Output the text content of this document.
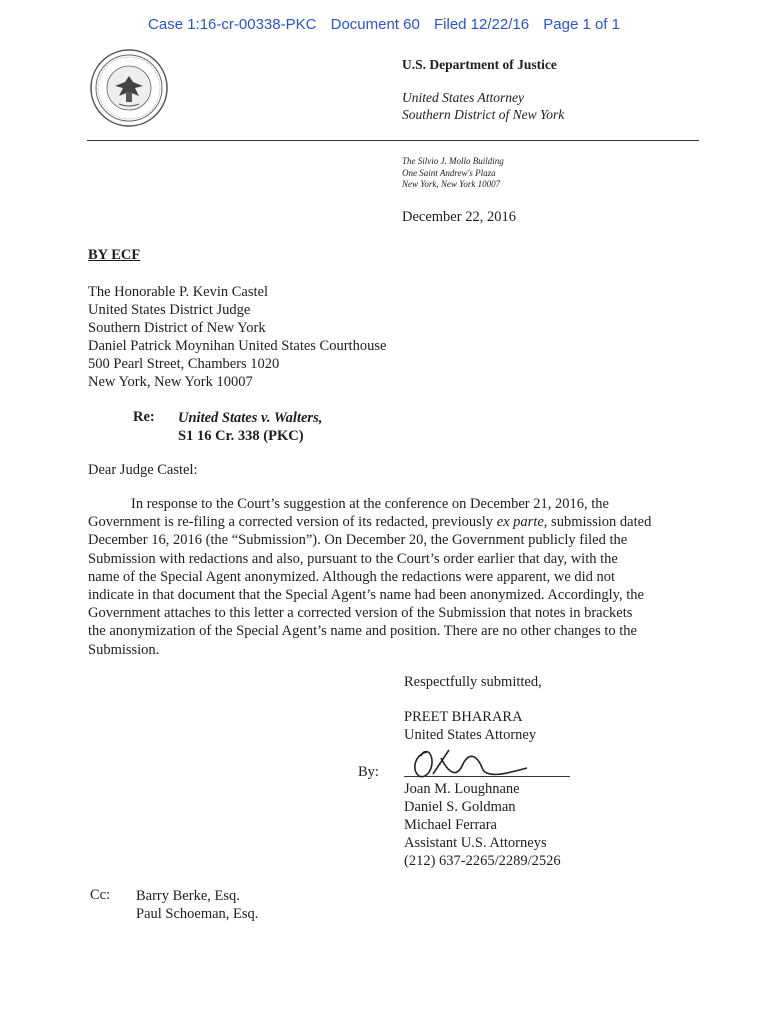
Case 1:16-cr-00338-PKC Document 60 Filed 12/22/16 Page 1 of 1
U.S. Department of Justice
United States Attorney
Southern District of New York
The Silvio J. Mollo Building
One Saint Andrew's Plaza
New York, New York 10007
December 22, 2016
BY ECF
The Honorable P. Kevin Castel
United States District Judge
Southern District of New York
Daniel Patrick Moynihan United States Courthouse
500 Pearl Street, Chambers 1020
New York, New York 10007
Re: United States v. Walters,
S1 16 Cr. 338 (PKC)
Dear Judge Castel:
In response to the Court’s suggestion at the conference on December 21, 2016, the
Government is re-filing a corrected version of its redacted, previously ex parte, submission dated
December 16, 2016 (the “Submission”). On December 20, the Government publicly filed the
Submission with redactions and also, pursuant to the Court’s order earlier that day, with the
name of the Special Agent anonymized. Although the redactions were apparent, we did not
indicate in that document that the Special Agent’s name had been anonymized. Accordingly, the
Government attaches to this letter a corrected version of the Submission that notes in brackets
the anonymization of the Special Agent’s name and position. There are no other changes to the
Submission.
Respectfully submitted,
PREET BHARARA
United States Attorney
By:
Joan M. Loughnane
Daniel S. Goldman
Michael Ferrara
Assistant U.S. Attorneys
(212) 637-2265/2289/2526
Cc: Barry Berke, Esq.
Paul Schoeman, Esq.
